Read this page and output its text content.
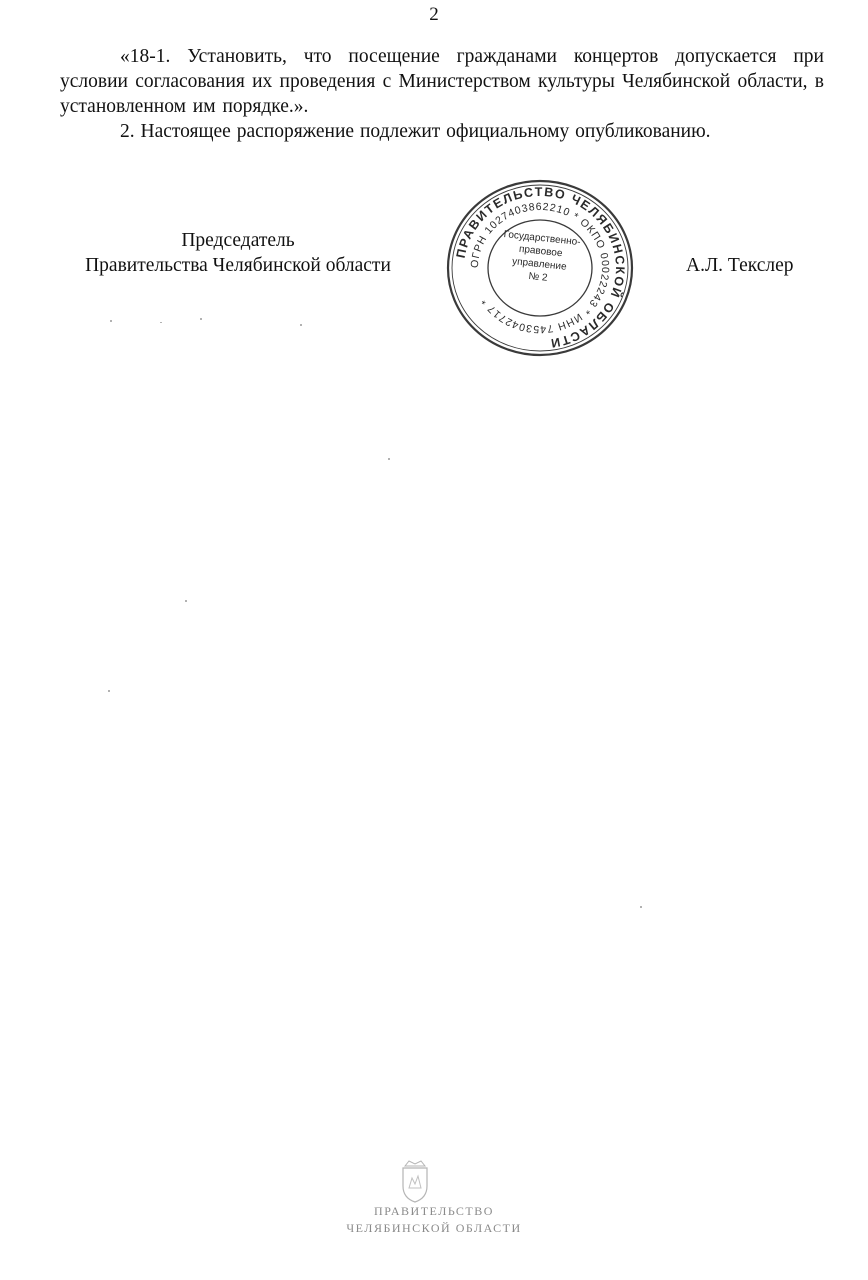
2

«18-1. Установить, что посещение гражданами концертов допускается при условии согласования их проведения с Министерством культуры Челябинской области, в установленном им порядке.».

2. Настоящее распоряжение подлежит официальному опубликованию.

Председатель
Правительства Челябинской области	А.Л. Текслер
ПРАВИТЕЛЬСТВО ЧЕЛЯБИНСКОЙ ОБЛАСТИ
ОГРН 1027403862210 * ОКПО 00022243 * ИНН 7453042717 *
Государственно-
правовое
управление
№ 2
ПРАВИТЕЛЬСТВО
ЧЕЛЯБИНСКОЙ ОБЛАСТИ
